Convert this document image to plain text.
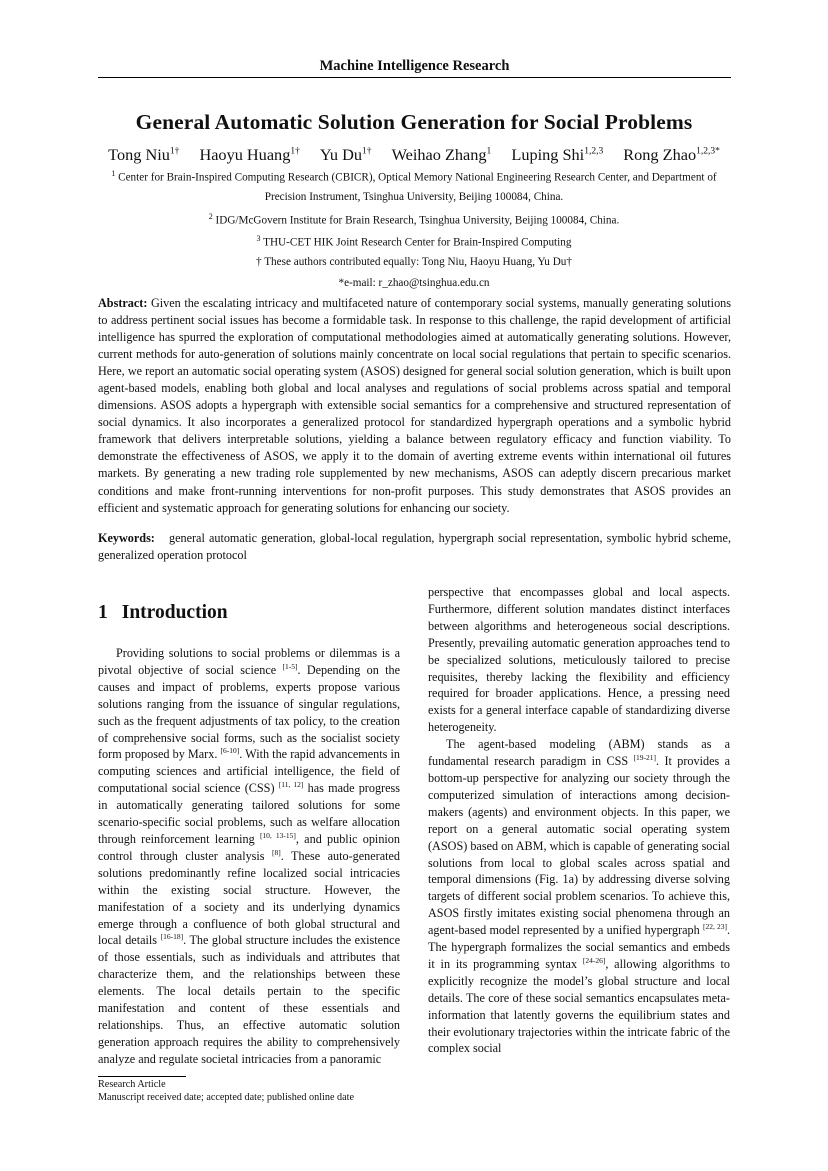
Machine Intelligence Research
General Automatic Solution Generation for Social Problems
Tong Niu$^{1\dagger}$ Haoyu Huang$^{1\dagger}$ Yu $Du^{1\dagger}$ Weihao Zhang$^1$ Luping Shi$^{1,2,3}$ Rong Zhao$^{1,2,3*}$
$^1$ Center for Brain-Inspired Computing Research (CBICR), Optical Memory National Engineering Research Center, and Department of
Precision Instrument, Tsinghua University, Beijing 100084, China.
$^2$ IDG/McGovern Institute for Brain Research, Tsinghua University, Beijing 100084, China.
$^3$ THU-CET HIK Joint Research Center for Brain-Inspired Computing
† These authors contributed equally: Tong Niu, Haoyu Huang, Yu Du†
*e-mail: r_zhao@tsinghua.edu.cn
Abstract: Given the escalating intricacy and multifaceted nature of contemporary social systems, manually generating solutions to address pertinent social issues has become a formidable task. In response to this challenge, the rapid development of artificial intelligence has spurred the exploration of computational methodologies aimed at automatically generating solutions. However, current methods for auto-generation of solutions mainly concentrate on local social regulations that pertain to specific scenarios. Here, we report an automatic social operating system (ASOS) designed for general social solution generation, which is built upon agent-based models, enabling both global and local analyses and regulations of social problems across spatial and temporal dimensions. ASOS adopts a hypergraph with extensible social semantics for a comprehensive and structured representation of social dynamics. It also incorporates a generalized protocol for standardized hypergraph operations and a symbolic hybrid framework that delivers interpretable solutions, yielding a balance between regulatory efficacy and function viability. To demonstrate the effectiveness of ASOS, we apply it to the domain of averting extreme events within international oil futures markets. By generating a new trading role supplemented by new mechanisms, ASOS can adeptly discern precarious market conditions and make front-running interventions for non-profit purposes. This study demonstrates that ASOS provides an efficient and systematic approach for generating solutions for enhancing our society.
Keywords: general automatic generation, global-local regulation, hypergraph social representation, symbolic hybrid scheme, generalized operation protocol
1 Introduction

Providing solutions to social problems or dilemmas is a pivotal objective of social science [1-5]. Depending on the causes and impact of problems, experts propose various solutions ranging from the issuance of singular regulations, such as the frequent adjustments of tax policy, to the creation of comprehensive social forms, such as the socialist society form proposed by Marx. [6-10]. With the rapid advancements in computing sciences and artificial intelligence, the field of computational social science (CSS) [11, 12] has made progress in automatically generating tailored solutions for some scenario-specific social problems, such as welfare allocation through reinforcement learning [10, 13-15], and public opinion control through cluster analysis [8]. These auto-generated solutions predominantly refine localized social intricacies within the existing social structure. However, the manifestation of a society and its underlying dynamics emerge through a confluence of both global structural and local details [16-18]. The global structure includes the existence of those essentials, such as individuals and attributes that characterize them, and the relationships between these elements. The local details pertain to the specific manifestation and content of these essentials and relationships. Thus, an effective automatic solution generation approach requires the ability to comprehensively analyze and regulate societal intricacies from a panoramic

perspective that encompasses global and local aspects. Furthermore, different solution mandates distinct interfaces between algorithms and heterogeneous social descriptions. Presently, prevailing automatic generation approaches tend to be specialized solutions, meticulously tailored to precise requisites, thereby lacking the flexibility and efficiency required for broader applications. Hence, a pressing need exists for a general interface capable of standardizing diverse heterogeneity.

The agent-based modeling (ABM) stands as a fundamental research paradigm in CSS [19-21]. It provides a bottom-up perspective for analyzing our society through the computerized simulation of interactions among decision-makers (agents) and environment objects. In this paper, we report on a general automatic social operating system (ASOS) based on ABM, which is capable of generating social solutions from local to global scales across spatial and temporal dimensions (Fig. 1a) by addressing diverse solving targets of different social problem scenarios. To achieve this, ASOS firstly imitates existing social phenomena through an agent-based model represented by a unified hypergraph [22, 23]. The hypergraph formalizes the social semantics and embeds it in its programming syntax [24-26], allowing algorithms to explicitly recognize the model’s global structure and local details. The core of these social semantics encapsulates meta-information that latently governs the equilibrium states and their evolutionary trajectories within the intricate fabric of the complex social

Research Article
Manuscript received date; accepted date; published online date
